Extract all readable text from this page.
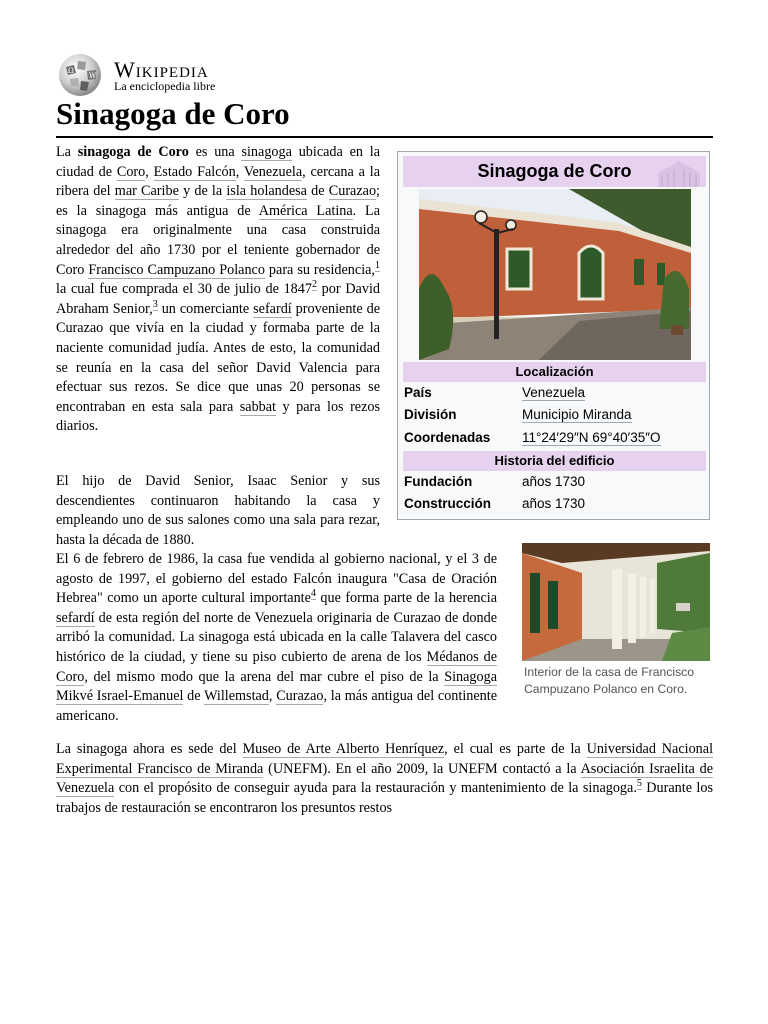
Ω
W Wikipedia
La enciclopedia libre
Sinagoga de Coro

La sinagoga de Coro es una sinagoga ubicada en la ciudad de Coro, Estado Falcón, Venezuela, cercana a la ribera del mar Caribe y de la isla holandesa de Curazao; es la sinagoga más antigua de América Latina. La sinagoga era originalmente una casa construida alrededor del año 1730 por el teniente gobernador de Coro Francisco Campuzano Polanco para su residencia,$^1$ la cual fue comprada el 30 de julio de 1847$^2$ por David Abraham Senior,$^3$ un comerciante sefardí proveniente de Curazao que vivía en la ciudad y formaba parte de la naciente comunidad judía. Antes de esto, la comunidad se reunía en la casa del señor David Valencia para efectuar sus rezos. Se dice que unas 20 personas se encontraban en esta sala para sabbat y para los rezos diarios.

El hijo de David Senior, Isaac Senior y sus descendientes continuaron habitando la casa y empleando uno de sus salones como una sala para rezar, hasta la década de 1880.

El 6 de febrero de 1986, la casa fue vendida al gobierno nacional, y el 3 de agosto de 1997, el gobierno del estado Falcón inaugura "Casa de Oración Hebrea" como un aporte cultural importante$^4$ que forma parte de la herencia sefardí de esta región del norte de Venezuela originaria de Curazao de donde arribó la comunidad. La sinagoga está ubicada en la calle Talavera del casco histórico de la ciudad, y tiene su piso cubierto de arena de los Médanos de Coro, del mismo modo que la arena del mar cubre el piso de la Sinagoga Mikvé Israel-Emanuel de Willemstad, Curazao, la más antigua del continente americano.

La sinagoga ahora es sede del Museo de Arte Alberto Henríquez, el cual es parte de la Universidad Nacional Experimental Francisco de Miranda (UNEFM). En el año 2009, la UNEFM contactó a la Asociación Israelita de Venezuela con el propósito de conseguir ayuda para la restauración y mantenimiento de la sinagoga.$^5$ Durante los trabajos de restauración se encontraron los presuntos restos

Sinagoga de Coro
Localización
País	Venezuela
División	Municipio Miranda
Coordenadas 11°24′29″N 69°40′35″O
Historia del edificio
Fundación	años 1730
Construcción años 1730
Interior de la casa de Francisco Campuzano Polanco en Coro.
